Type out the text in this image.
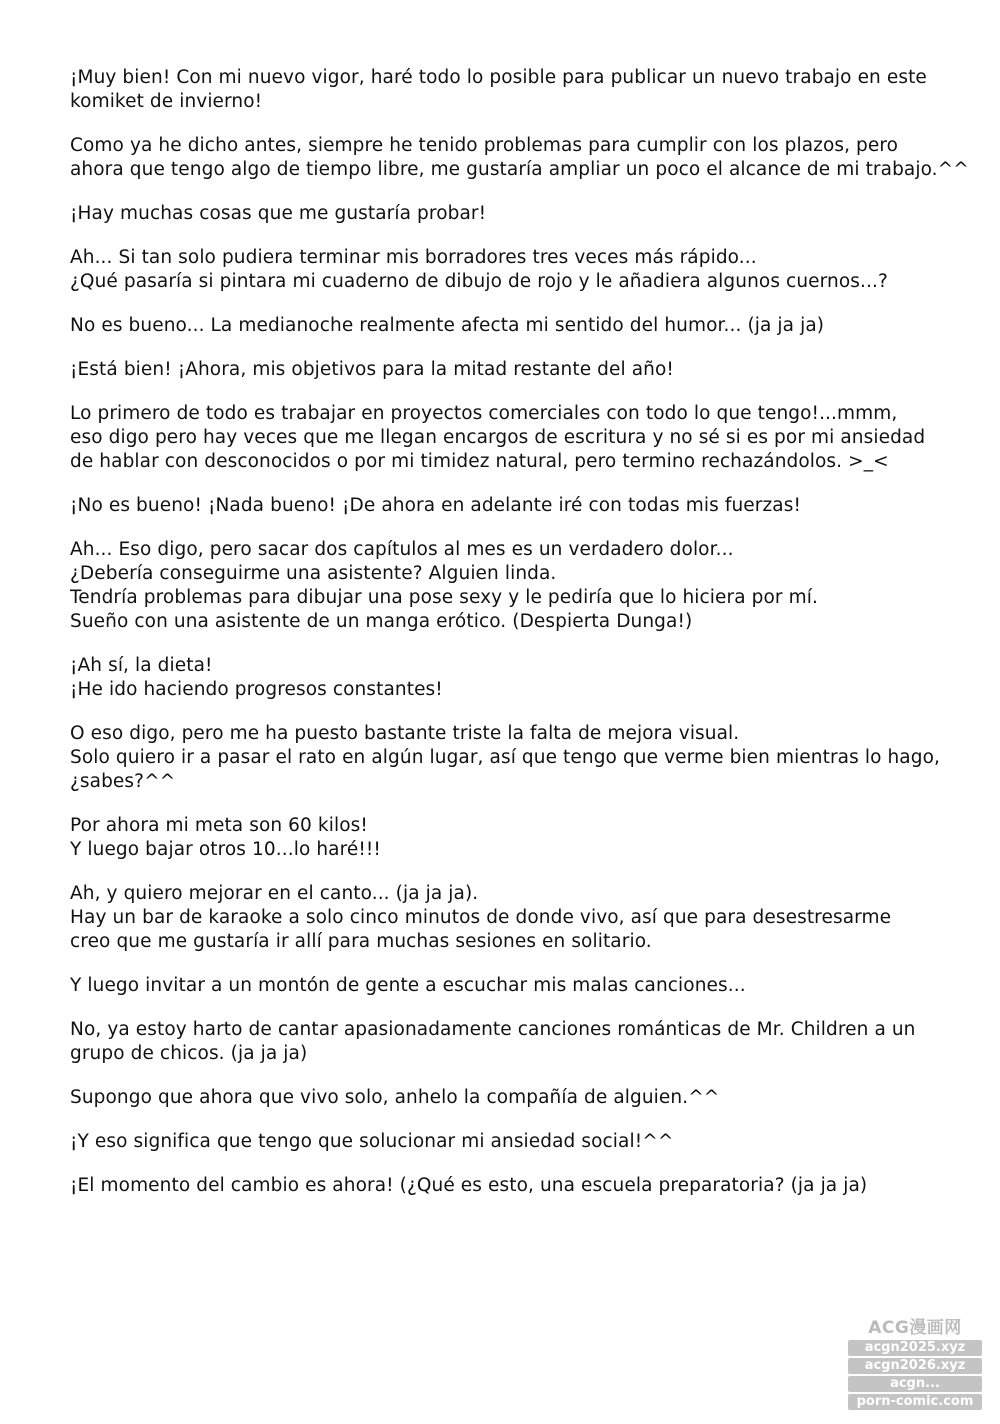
¡Muy bien! Con mi nuevo vigor, haré todo lo posible para publicar un nuevo trabajo en este
komiket de invierno!

Como ya he dicho antes, siempre he tenido problemas para cumplir con los plazos, pero
ahora que tengo algo de tiempo libre, me gustaría ampliar un poco el alcance de mi trabajo.^^

¡Hay muchas cosas que me gustaría probar!

Ah... Si tan solo pudiera terminar mis borradores tres veces más rápido...
¿Qué pasaría si pintara mi cuaderno de dibujo de rojo y le añadiera algunos cuernos...?

No es bueno... La medianoche realmente afecta mi sentido del humor... (ja ja ja)

¡Está bien! ¡Ahora, mis objetivos para la mitad restante del año!

Lo primero de todo es trabajar en proyectos comerciales con todo lo que tengo!...mmm,
eso digo pero hay veces que me llegan encargos de escritura y no sé si es por mi ansiedad
de hablar con desconocidos o por mi timidez natural, pero termino rechazándolos. >_<

¡No es bueno! ¡Nada bueno! ¡De ahora en adelante iré con todas mis fuerzas!

Ah... Eso digo, pero sacar dos capítulos al mes es un verdadero dolor...
¿Debería conseguirme una asistente? Alguien linda.
Tendría problemas para dibujar una pose sexy y le pediría que lo hiciera por mí.
Sueño con una asistente de un manga erótico. (Despierta Dunga!)

¡Ah sí, la dieta!
¡He ido haciendo progresos constantes!

O eso digo, pero me ha puesto bastante triste la falta de mejora visual.
Solo quiero ir a pasar el rato en algún lugar, así que tengo que verme bien mientras lo hago,
¿sabes?^^

Por ahora mi meta son 60 kilos!
Y luego bajar otros 10...lo haré!!!

Ah, y quiero mejorar en el canto... (ja ja ja).
Hay un bar de karaoke a solo cinco minutos de donde vivo, así que para desestresarme
creo que me gustaría ir allí para muchas sesiones en solitario.

Y luego invitar a un montón de gente a escuchar mis malas canciones...

No, ya estoy harto de cantar apasionadamente canciones románticas de Mr. Children a un
grupo de chicos. (ja ja ja)

Supongo que ahora que vivo solo, anhelo la compañía de alguien.^^

¡Y eso significa que tengo que solucionar mi ansiedad social!^^

¡El momento del cambio es ahora! (¿Qué es esto, una escuela preparatoria? (ja ja ja)

ACG漫画网
acgn2025.xyz
acgn2026.xyz
acgn...
porn-comic.com
